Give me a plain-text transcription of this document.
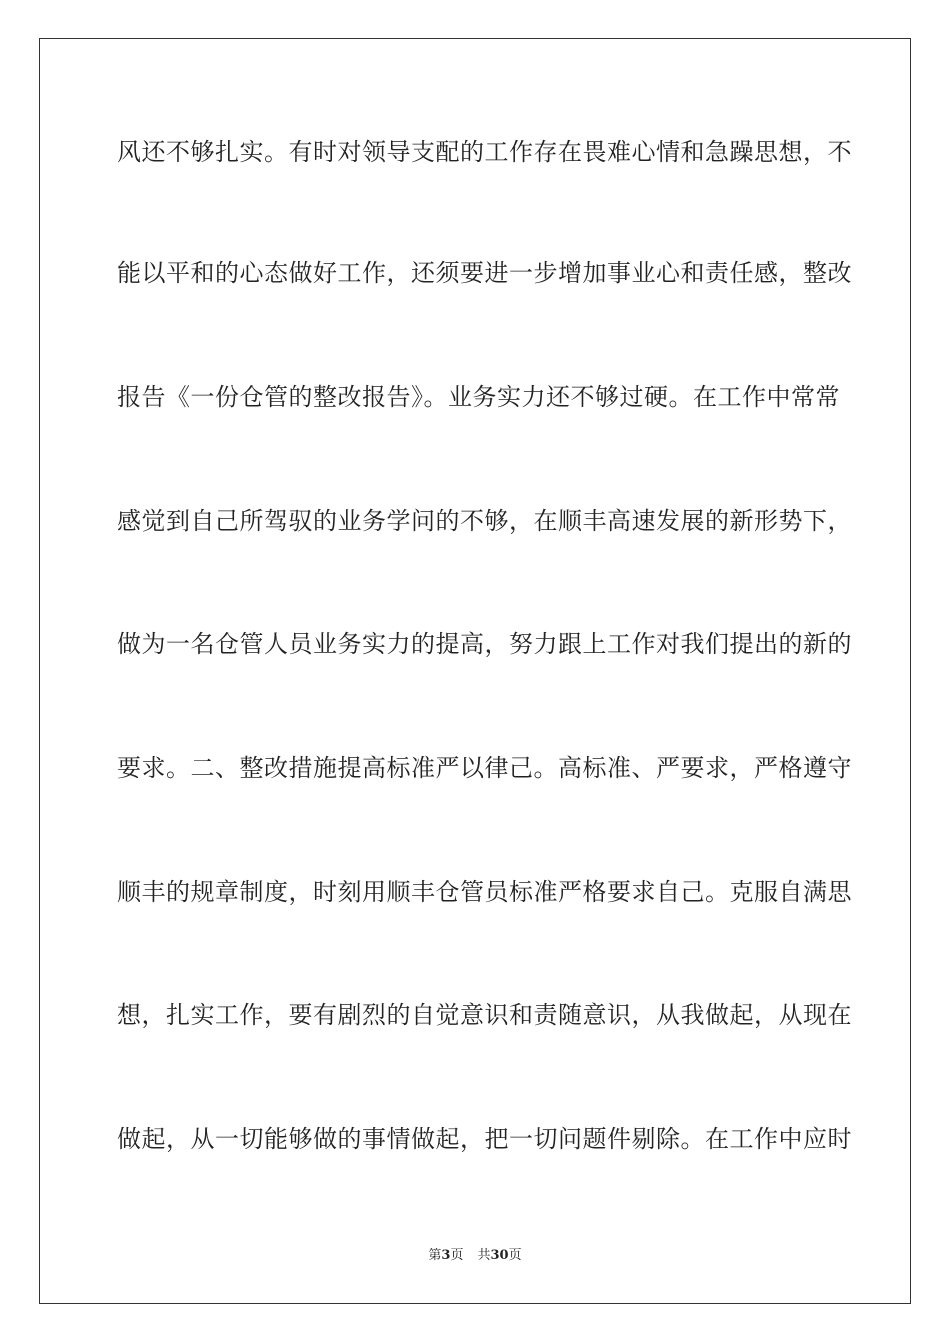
风还不够扎实。有时对领导支配的工作存在畏难心情和急躁思想，不

能以平和的心态做好工作，还须要进一步增加事业心和责任感，整改

报告《一份仓管的整改报告》。业务实力还不够过硬。在工作中常常

感觉到自己所驾驭的业务学问的不够，在顺丰高速发展的新形势下，

做为一名仓管人员业务实力的提高，努力跟上工作对我们提出的新的

要求。二、整改措施提高标准严以律己。高标准、严要求，严格遵守

顺丰的规章制度，时刻用顺丰仓管员标准严格要求自己。克服自满思

想，扎实工作，要有剧烈的自觉意识和责随意识，从我做起，从现在

做起，从一切能够做的事情做起，把一切问题件剔除。在工作中应时

第3页 共30页
